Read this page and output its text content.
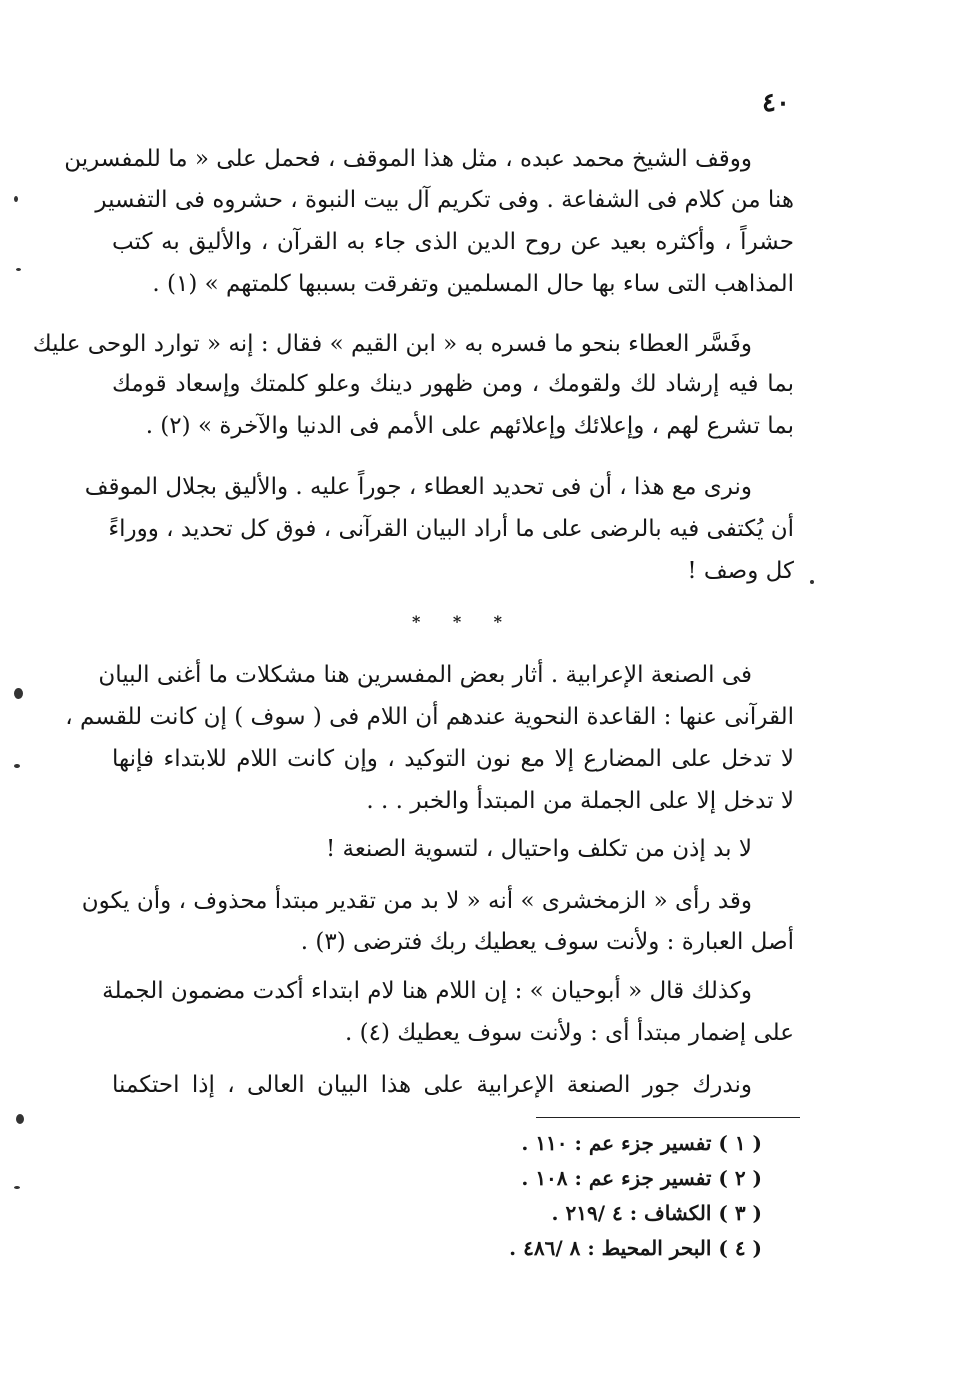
٤٠
ووقف الشيخ محمد عبده ، مثل هذا الموقف ، فحمل على « ما للمفسرين
هنا من كلام فى الشفاعة . وفى تكريم آل بيت النبوة ، حشروه فى التفسير
حشراً ، وأكثره بعيد عن روح الدين الذى جاء به القرآن ، والأليق به كتب
المذاهب التى ساء بها حال المسلمين وتفرقت بسببها كلمتهم » (١) .
وفَسَّر العطاء بنحو ما فسره به « ابن القيم » فقال : إنه « توارد الوحى عليك
بما فيه إرشاد لك ولقومك ، ومن ظهور دينك وعلو كلمتك وإسعاد قومك
بما تشرع لهم ، وإعلائك وإعلائهم على الأمم فى الدنيا والآخرة » (٢) .
ونرى مع هذا ، أن فى تحديد العطاء ، جوراً عليه . والأليق بجلال الموقف
أن يُكتفى فيه بالرضى على ما أراد البيان القرآنى ، فوق كل تحديد ، ووراءً
كل وصف !
فى الصنعة الإعرابية . أثار بعض المفسرين هنا مشكلات ما أغنى البيان
القرآنى عنها : القاعدة النحوية عندهم أن اللام فى ( سوف ) إن كانت للقسم ،
لا تدخل على المضارع إلا مع نون التوكيد ، وإن كانت اللام للابتداء فإنها
لا تدخل إلا على الجملة من المبتدأ والخبر . . .
لا بد إذن من تكلف واحتيال ، لتسوية الصنعة !
وقد رأى « الزمخشرى » أنه « لا بد من تقدير مبتدأ محذوف ، وأن يكون
أصل العبارة : ولأنت سوف يعطيك ربك فترضى (٣) .
وكذلك قال « أبوحيان » : إن اللام هنا لام ابتداء أكدت مضمون الجملة
على إضمار مبتدأ أى : ولأنت سوف يعطيك (٤) .
وندرك جور الصنعة الإعرابية على هذا البيان العالى ، إذا احتكمنا
* * *
( ١ ) تفسير جزء عم : ١١٠ .
( ٢ ) تفسير جزء عم : ١٠٨ .
( ٣ ) الكشاف : ٤ /٢١٩ .
( ٤ ) البحر المحيط : ٨ /٤٨٦ .
